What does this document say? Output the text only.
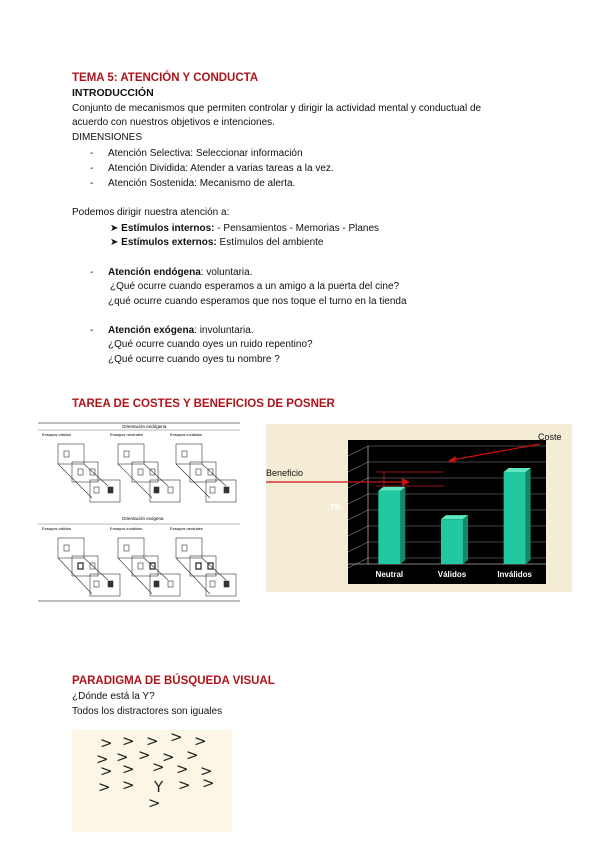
TEMA 5: ATENCIÓN Y CONDUCTA
INTRODUCCIÓN
Conjunto de mecanismos que permiten controlar y dirigir la actividad mental y conductual de
acuerdo con nuestros objetivos e intenciones.
DIMENSIONES
- Atención Selectiva: Seleccionar información
- Atención Dividida: Atender a varias tareas a la vez.
- Atención Sostenida: Mecanismo de alerta.
Podemos dirigir nuestra atención a:
➤ Estímulos internos: - Pensamientos - Memorias - Planes
➤ Estímulos externos: Estímulos del ambiente
- Atención endógena: voluntaria.
¿Qué ocurre cuando esperamos a un amigo a la puerta del cine?
¿qué ocurre cuando esperamos que nos toque el turno en la tienda
- Atención exógena: involuntaria.
¿Qué ocurre cuando oyes un ruido repentino?
¿Qué ocurre cuando oyes tu nombre ?
TAREA DE COSTES Y BENEFICIOS DE POSNER
Orientación endógena
Ensayos válidos	Ensayos neutrales	Ensayos inválidos
Orientación exógena
Ensayos válidos	Ensayos inválidos	Ensayos neutrales
TR
Neutral	Válidos	Inválidos
Coste
Beneficio
PARADIGMA DE BÚSQUEDA VISUAL
¿Dónde está la Y?
Todos los distractores son iguales
> > > > >
> > > > >
> > > > >
> > Y > >
>
